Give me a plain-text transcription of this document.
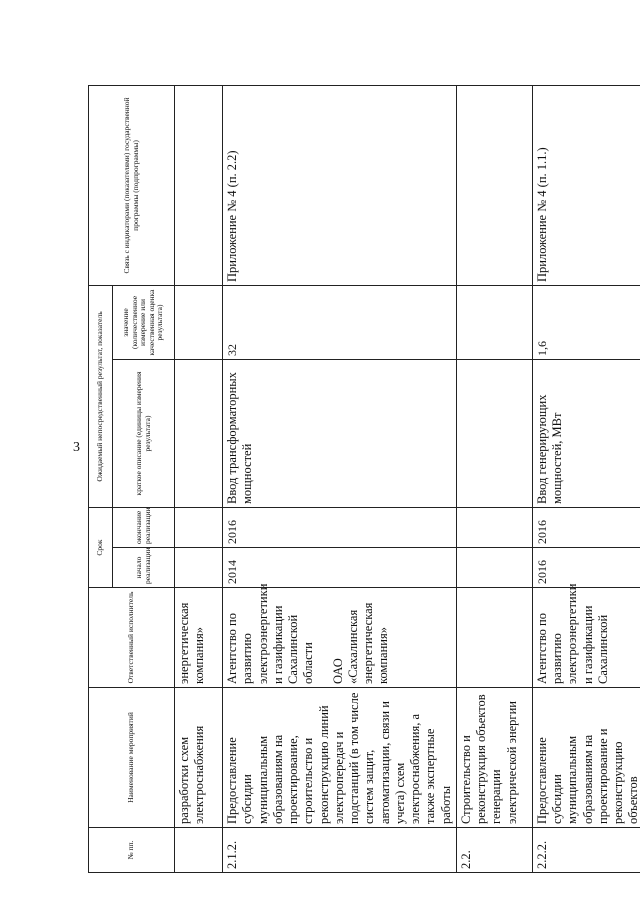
3
№ пп.	Наименование мероприятий	Ответственный исполнитель	Срок		Ожидаемый непосредственный результат, показатель		Связь с индикаторами (показателями) государственной программы (подпрограммы)
			начало реализации	окончание реализации	краткое описание (единицы измерения результата)	значение (количественное измерение или качественная оценка результата)	
	разработки схем электроснабжения	энергетическая компания»					
2.1.2.	Предоставление субсидии муниципальным образованиям на проектирование, строительство и реконструкцию линий электропередач и подстанций (в том числе систем защит, автоматизации, связи и учета) схем электроснабжения, а также экспертные работы	Агентство по развитию электроэнергетики и газификации Сахалинской области ОАО «Сахалинская энергетическая компания»	2014	2016	Ввод трансформаторных мощностей	32	Приложение № 4 (п. 2.2)
2.2.	Строительство и реконструкция объектов генерации электрической энергии						
2.2.2.	Предоставление субсидии муниципальным образованиям на проектирование и реконструкцию объектов	Агентство по развитию электроэнергетики и газификации Сахалинской	2016	2016	Ввод генерирующих мощностей, МВт	1,6	Приложение № 4 (п. 1.1.)
